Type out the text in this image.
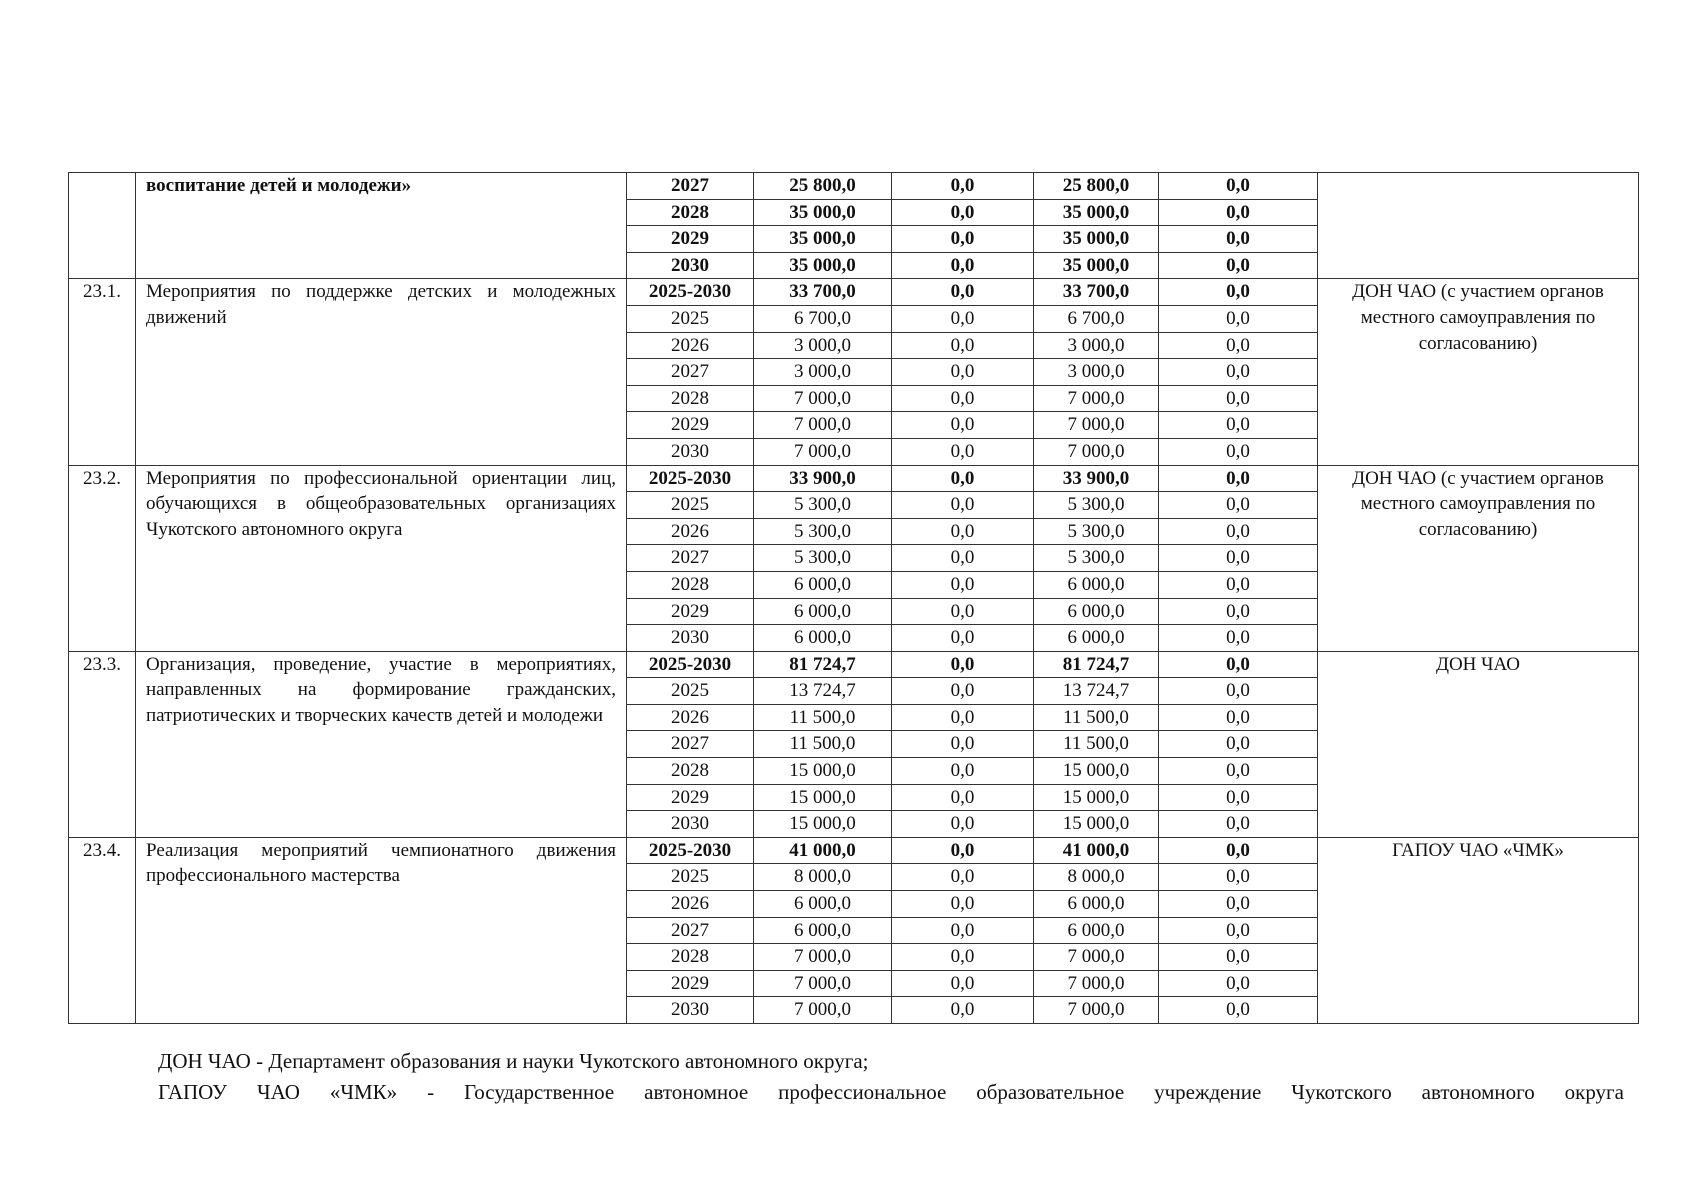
	воспитание детей и молодежи»	2027	25 800,0	0,0	25 800,0	0,0	
		2028	35 000,0	0,0	35 000,0	0,0	
		2029	35 000,0	0,0	35 000,0	0,0	
		2030	35 000,0	0,0	35 000,0	0,0	
23.1.	Мероприятия по поддержке детских и молодежных движений	2025-2030	33 700,0	0,0	33 700,0	0,0	ДОН ЧАО (с участием органов местного самоуправления по согласованию)
		2025	6 700,0	0,0	6 700,0	0,0	
		2026	3 000,0	0,0	3 000,0	0,0	
		2027	3 000,0	0,0	3 000,0	0,0	
		2028	7 000,0	0,0	7 000,0	0,0	
		2029	7 000,0	0,0	7 000,0	0,0	
		2030	7 000,0	0,0	7 000,0	0,0	
23.2.	Мероприятия по профессиональной ориентации лиц, обучающихся в общеобразовательных организациях Чукотского автономного округа	2025-2030	33 900,0	0,0	33 900,0	0,0	ДОН ЧАО (с участием органов местного самоуправления по согласованию)
		2025	5 300,0	0,0	5 300,0	0,0	
		2026	5 300,0	0,0	5 300,0	0,0	
		2027	5 300,0	0,0	5 300,0	0,0	
		2028	6 000,0	0,0	6 000,0	0,0	
		2029	6 000,0	0,0	6 000,0	0,0	
		2030	6 000,0	0,0	6 000,0	0,0	
23.3.	Организация, проведение, участие в мероприятиях, направленных на формирование гражданских, патриотических и творческих качеств детей и молодежи	2025-2030	81 724,7	0,0	81 724,7	0,0	ДОН ЧАО
		2025	13 724,7	0,0	13 724,7	0,0	
		2026	11 500,0	0,0	11 500,0	0,0	
		2027	11 500,0	0,0	11 500,0	0,0	
		2028	15 000,0	0,0	15 000,0	0,0	
		2029	15 000,0	0,0	15 000,0	0,0	
		2030	15 000,0	0,0	15 000,0	0,0	
23.4.	Реализация мероприятий чемпионатного движения профессионального мастерства	2025-2030	41 000,0	0,0	41 000,0	0,0	ГАПОУ ЧАО «ЧМК»
		2025	8 000,0	0,0	8 000,0	0,0	
		2026	6 000,0	0,0	6 000,0	0,0	
		2027	6 000,0	0,0	6 000,0	0,0	
		2028	7 000,0	0,0	7 000,0	0,0	
		2029	7 000,0	0,0	7 000,0	0,0	
		2030	7 000,0	0,0	7 000,0	0,0	

ДОН ЧАО - Департамент образования и науки Чукотского автономного округа;

ГАПОУ ЧАО «ЧМК» - Государственное автономное профессиональное образовательное учреждение Чукотского автономного округа
